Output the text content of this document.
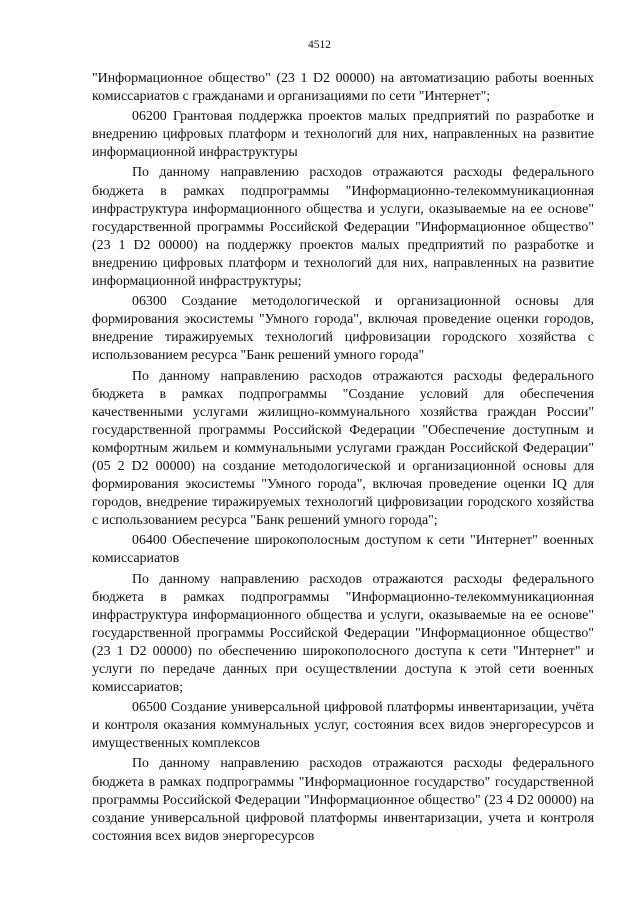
4512

"Информационное общество" (23 1 D2 00000) на автоматизацию работы военных комиссариатов с гражданами и организациями по сети "Интернет";

06200 Грантовая поддержка проектов малых предприятий по разработке и внедрению цифровых платформ и технологий для них, направленных на развитие информационной инфраструктуры

По данному направлению расходов отражаются расходы федерального бюджета в рамках подпрограммы "Информационно-телекоммуникационная инфраструктура информационного общества и услуги, оказываемые на ее основе" государственной программы Российской Федерации "Информационное общество" (23 1 D2 00000) на поддержку проектов малых предприятий по разработке и внедрению цифровых платформ и технологий для них, направленных на развитие информационной инфраструктуры;

06300 Создание методологической и организационной основы для формирования экосистемы "Умного города", включая проведение оценки городов, внедрение тиражируемых технологий цифровизации городского хозяйства с использованием ресурса "Банк решений умного города"

По данному направлению расходов отражаются расходы федерального бюджета в рамках подпрограммы "Создание условий для обеспечения качественными услугами жилищно-коммунального хозяйства граждан России" государственной программы Российской Федерации "Обеспечение доступным и комфортным жильем и коммунальными услугами граждан Российской Федерации" (05 2 D2 00000) на создание методологической и организационной основы для формирования экосистемы "Умного города", включая проведение оценки IQ для городов, внедрение тиражируемых технологий цифровизации городского хозяйства с использованием ресурса "Банк решений умного города";

06400 Обеспечение широкополосным доступом к сети "Интернет" военных комиссариатов

По данному направлению расходов отражаются расходы федерального бюджета в рамках подпрограммы "Информационно-телекоммуникационная инфраструктура информационного общества и услуги, оказываемые на ее основе" государственной программы Российской Федерации "Информационное общество" (23 1 D2 00000) по обеспечению широкополосного доступа к сети "Интернет" и услуги по передаче данных при осуществлении доступа к этой сети военных комиссариатов;

06500 Создание универсальной цифровой платформы инвентаризации, учёта и контроля оказания коммунальных услуг, состояния всех видов энергоресурсов и имущественных комплексов

По данному направлению расходов отражаются расходы федерального бюджета в рамках подпрограммы "Информационное государство" государственной программы Российской Федерации "Информационное общество" (23 4 D2 00000) на создание универсальной цифровой платформы инвентаризации, учета и контроля состояния всех видов энергоресурсов
